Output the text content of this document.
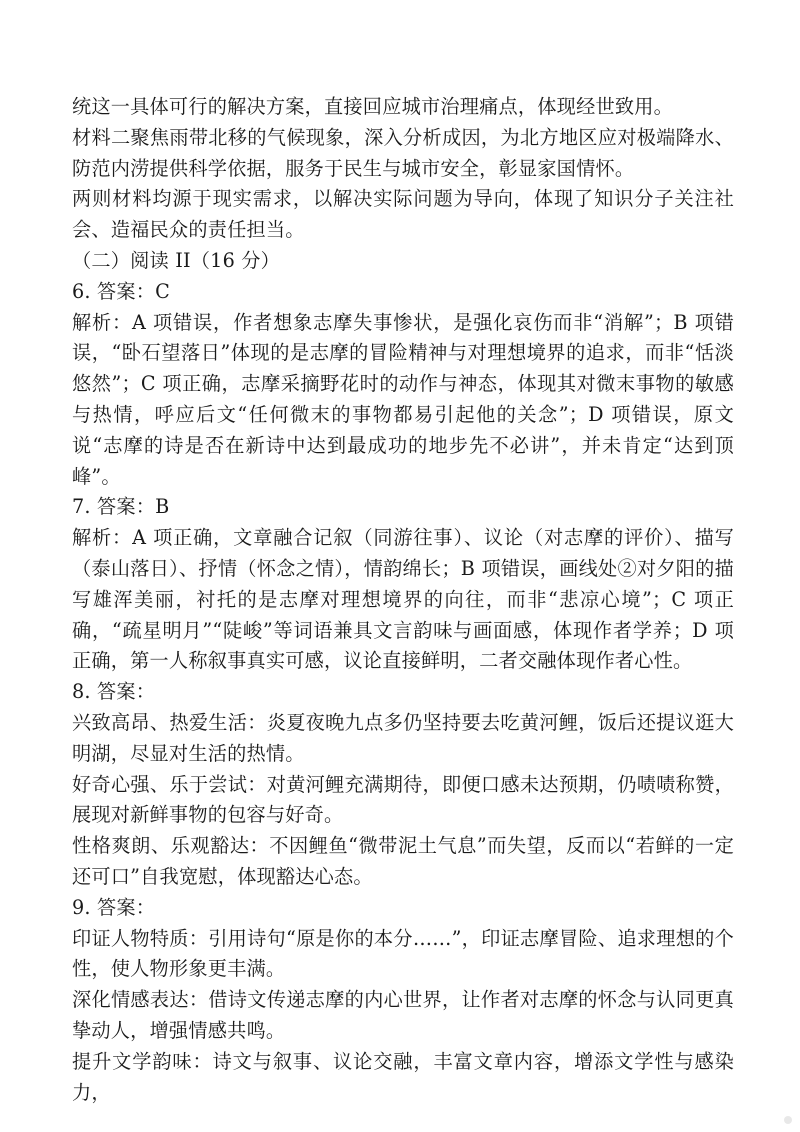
统这一具体可行的解决方案，直接回应城市治理痛点，体现经世致用。

材料二聚焦雨带北移的气候现象，深入分析成因，为北方地区应对极端降水、防范内涝提供科学依据，服务于民生与城市安全，彰显家国情怀。

两则材料均源于现实需求，以解决实际问题为导向，体现了知识分子关注社会、造福民众的责任担当。

（二）阅读 II（16 分）

6. 答案：C

解析：A 项错误，作者想象志摩失事惨状，是强化哀伤而非“消解”；B 项错误，“卧石望落日”体现的是志摩的冒险精神与对理想境界的追求，而非“恬淡悠然”；C 项正确，志摩采摘野花时的动作与神态，体现其对微末事物的敏感与热情，呼应后文“任何微末的事物都易引起他的关念”；D 项错误，原文说“志摩的诗是否在新诗中达到最成功的地步先不必讲”，并未肯定“达到顶峰”。

7. 答案：B

解析：A 项正确，文章融合记叙（同游往事）、议论（对志摩的评价）、描写（泰山落日）、抒情（怀念之情），情韵绵长；B 项错误，画线处②对夕阳的描写雄浑美丽，衬托的是志摩对理想境界的向往，而非“悲凉心境”；C 项正确，“疏星明月”“陡峻”等词语兼具文言韵味与画面感，体现作者学养；D 项正确，第一人称叙事真实可感，议论直接鲜明，二者交融体现作者心性。

8. 答案：

兴致高昂、热爱生活：炎夏夜晚九点多仍坚持要去吃黄河鲤，饭后还提议逛大明湖，尽显对生活的热情。

好奇心强、乐于尝试：对黄河鲤充满期待，即便口感未达预期，仍啧啧称赞，展现对新鲜事物的包容与好奇。

性格爽朗、乐观豁达：不因鲤鱼“微带泥土气息”而失望，反而以“若鲜的一定还可口”自我宽慰，体现豁达心态。

9. 答案：

印证人物特质：引用诗句“原是你的本分……”，印证志摩冒险、追求理想的个性，使人物形象更丰满。

深化情感表达：借诗文传递志摩的内心世界，让作者对志摩的怀念与认同更真挚动人，增强情感共鸣。

提升文学韵味：诗文与叙事、议论交融，丰富文章内容，增添文学性与感染力，
